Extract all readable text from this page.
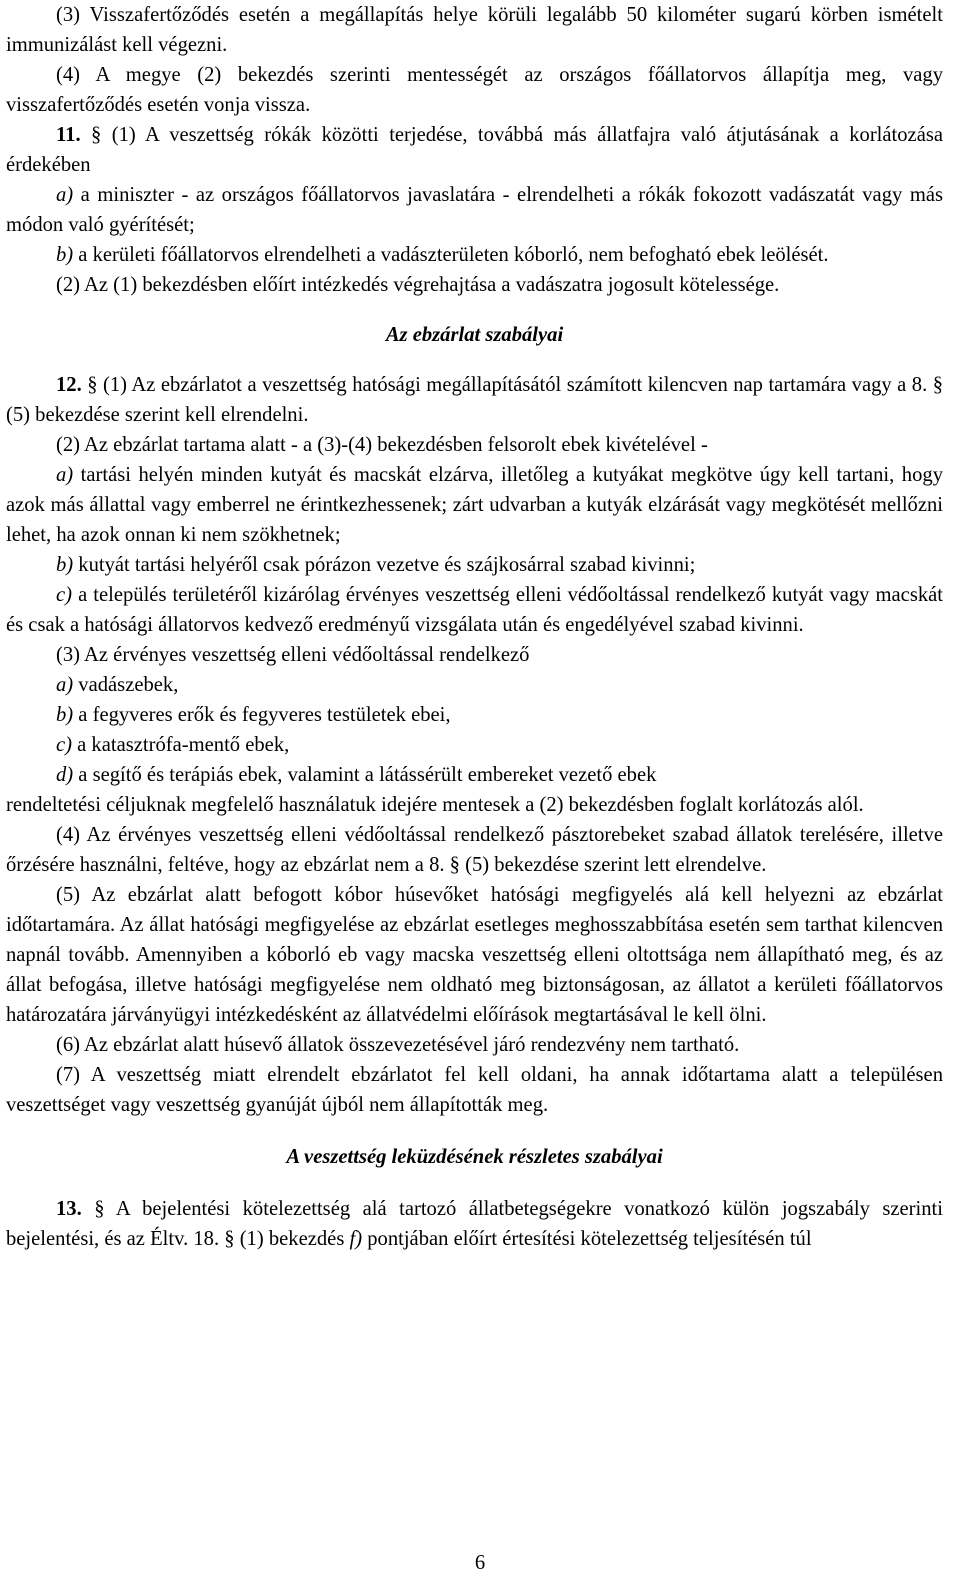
(3) Visszafertőződés esetén a megállapítás helye körüli legalább 50 kilométer sugarú körben ismételt immunizálást kell végezni.

(4) A megye (2) bekezdés szerinti mentességét az országos főállatorvos állapítja meg, vagy visszafertőződés esetén vonja vissza.

11. § (1) A veszettség rókák közötti terjedése, továbbá más állatfajra való átjutásának a korlátozása érdekében

a) a miniszter - az országos főállatorvos javaslatára - elrendelheti a rókák fokozott vadászatát vagy más módon való gyérítését;

b) a kerületi főállatorvos elrendelheti a vadászterületen kóborló, nem befogható ebek leölését.

(2) Az (1) bekezdésben előírt intézkedés végrehajtása a vadászatra jogosult kötelessége.

Az ebzárlat szabályai

12. § (1) Az ebzárlatot a veszettség hatósági megállapításától számított kilencven nap tartamára vagy a 8. § (5) bekezdése szerint kell elrendelni.

(2) Az ebzárlat tartama alatt - a (3)-(4) bekezdésben felsorolt ebek kivételével -

a) tartási helyén minden kutyát és macskát elzárva, illetőleg a kutyákat megkötve úgy kell tartani, hogy azok más állattal vagy emberrel ne érintkezhessenek; zárt udvarban a kutyák elzárását vagy megkötését mellőzni lehet, ha azok onnan ki nem szökhetnek;

b) kutyát tartási helyéről csak pórázon vezetve és szájkosárral szabad kivinni;

c) a település területéről kizárólag érvényes veszettség elleni védőoltással rendelkező kutyát vagy macskát és csak a hatósági állatorvos kedvező eredményű vizsgálata után és engedélyével szabad kivinni.

(3) Az érvényes veszettség elleni védőoltással rendelkező

a) vadászebek,

b) a fegyveres erők és fegyveres testületek ebei,

c) a katasztrófa-mentő ebek,

d) a segítő és terápiás ebek, valamint a látássérült embereket vezető ebek

rendeltetési céljuknak megfelelő használatuk idejére mentesek a (2) bekezdésben foglalt korlátozás alól.

(4) Az érvényes veszettség elleni védőoltással rendelkező pásztorebeket szabad állatok terelésére, illetve őrzésére használni, feltéve, hogy az ebzárlat nem a 8. § (5) bekezdése szerint lett elrendelve.

(5) Az ebzárlat alatt befogott kóbor húsevőket hatósági megfigyelés alá kell helyezni az ebzárlat időtartamára. Az állat hatósági megfigyelése az ebzárlat esetleges meghosszabbítása esetén sem tarthat kilencven napnál tovább. Amennyiben a kóborló eb vagy macska veszettség elleni oltottsága nem állapítható meg, és az állat befogása, illetve hatósági megfigyelése nem oldható meg biztonságosan, az állatot a kerületi főállatorvos határozatára járványügyi intézkedésként az állatvédelmi előírások megtartásával le kell ölni.

(6) Az ebzárlat alatt húsevő állatok összevezetésével járó rendezvény nem tartható.

(7) A veszettség miatt elrendelt ebzárlatot fel kell oldani, ha annak időtartama alatt a településen veszettséget vagy veszettség gyanúját újból nem állapították meg.

A veszettség leküzdésének részletes szabályai

13. § A bejelentési kötelezettség alá tartozó állatbetegségekre vonatkozó külön jogszabály szerinti bejelentési, és az Éltv. 18. § (1) bekezdés f) pontjában előírt értesítési kötelezettség teljesítésén túl

6
